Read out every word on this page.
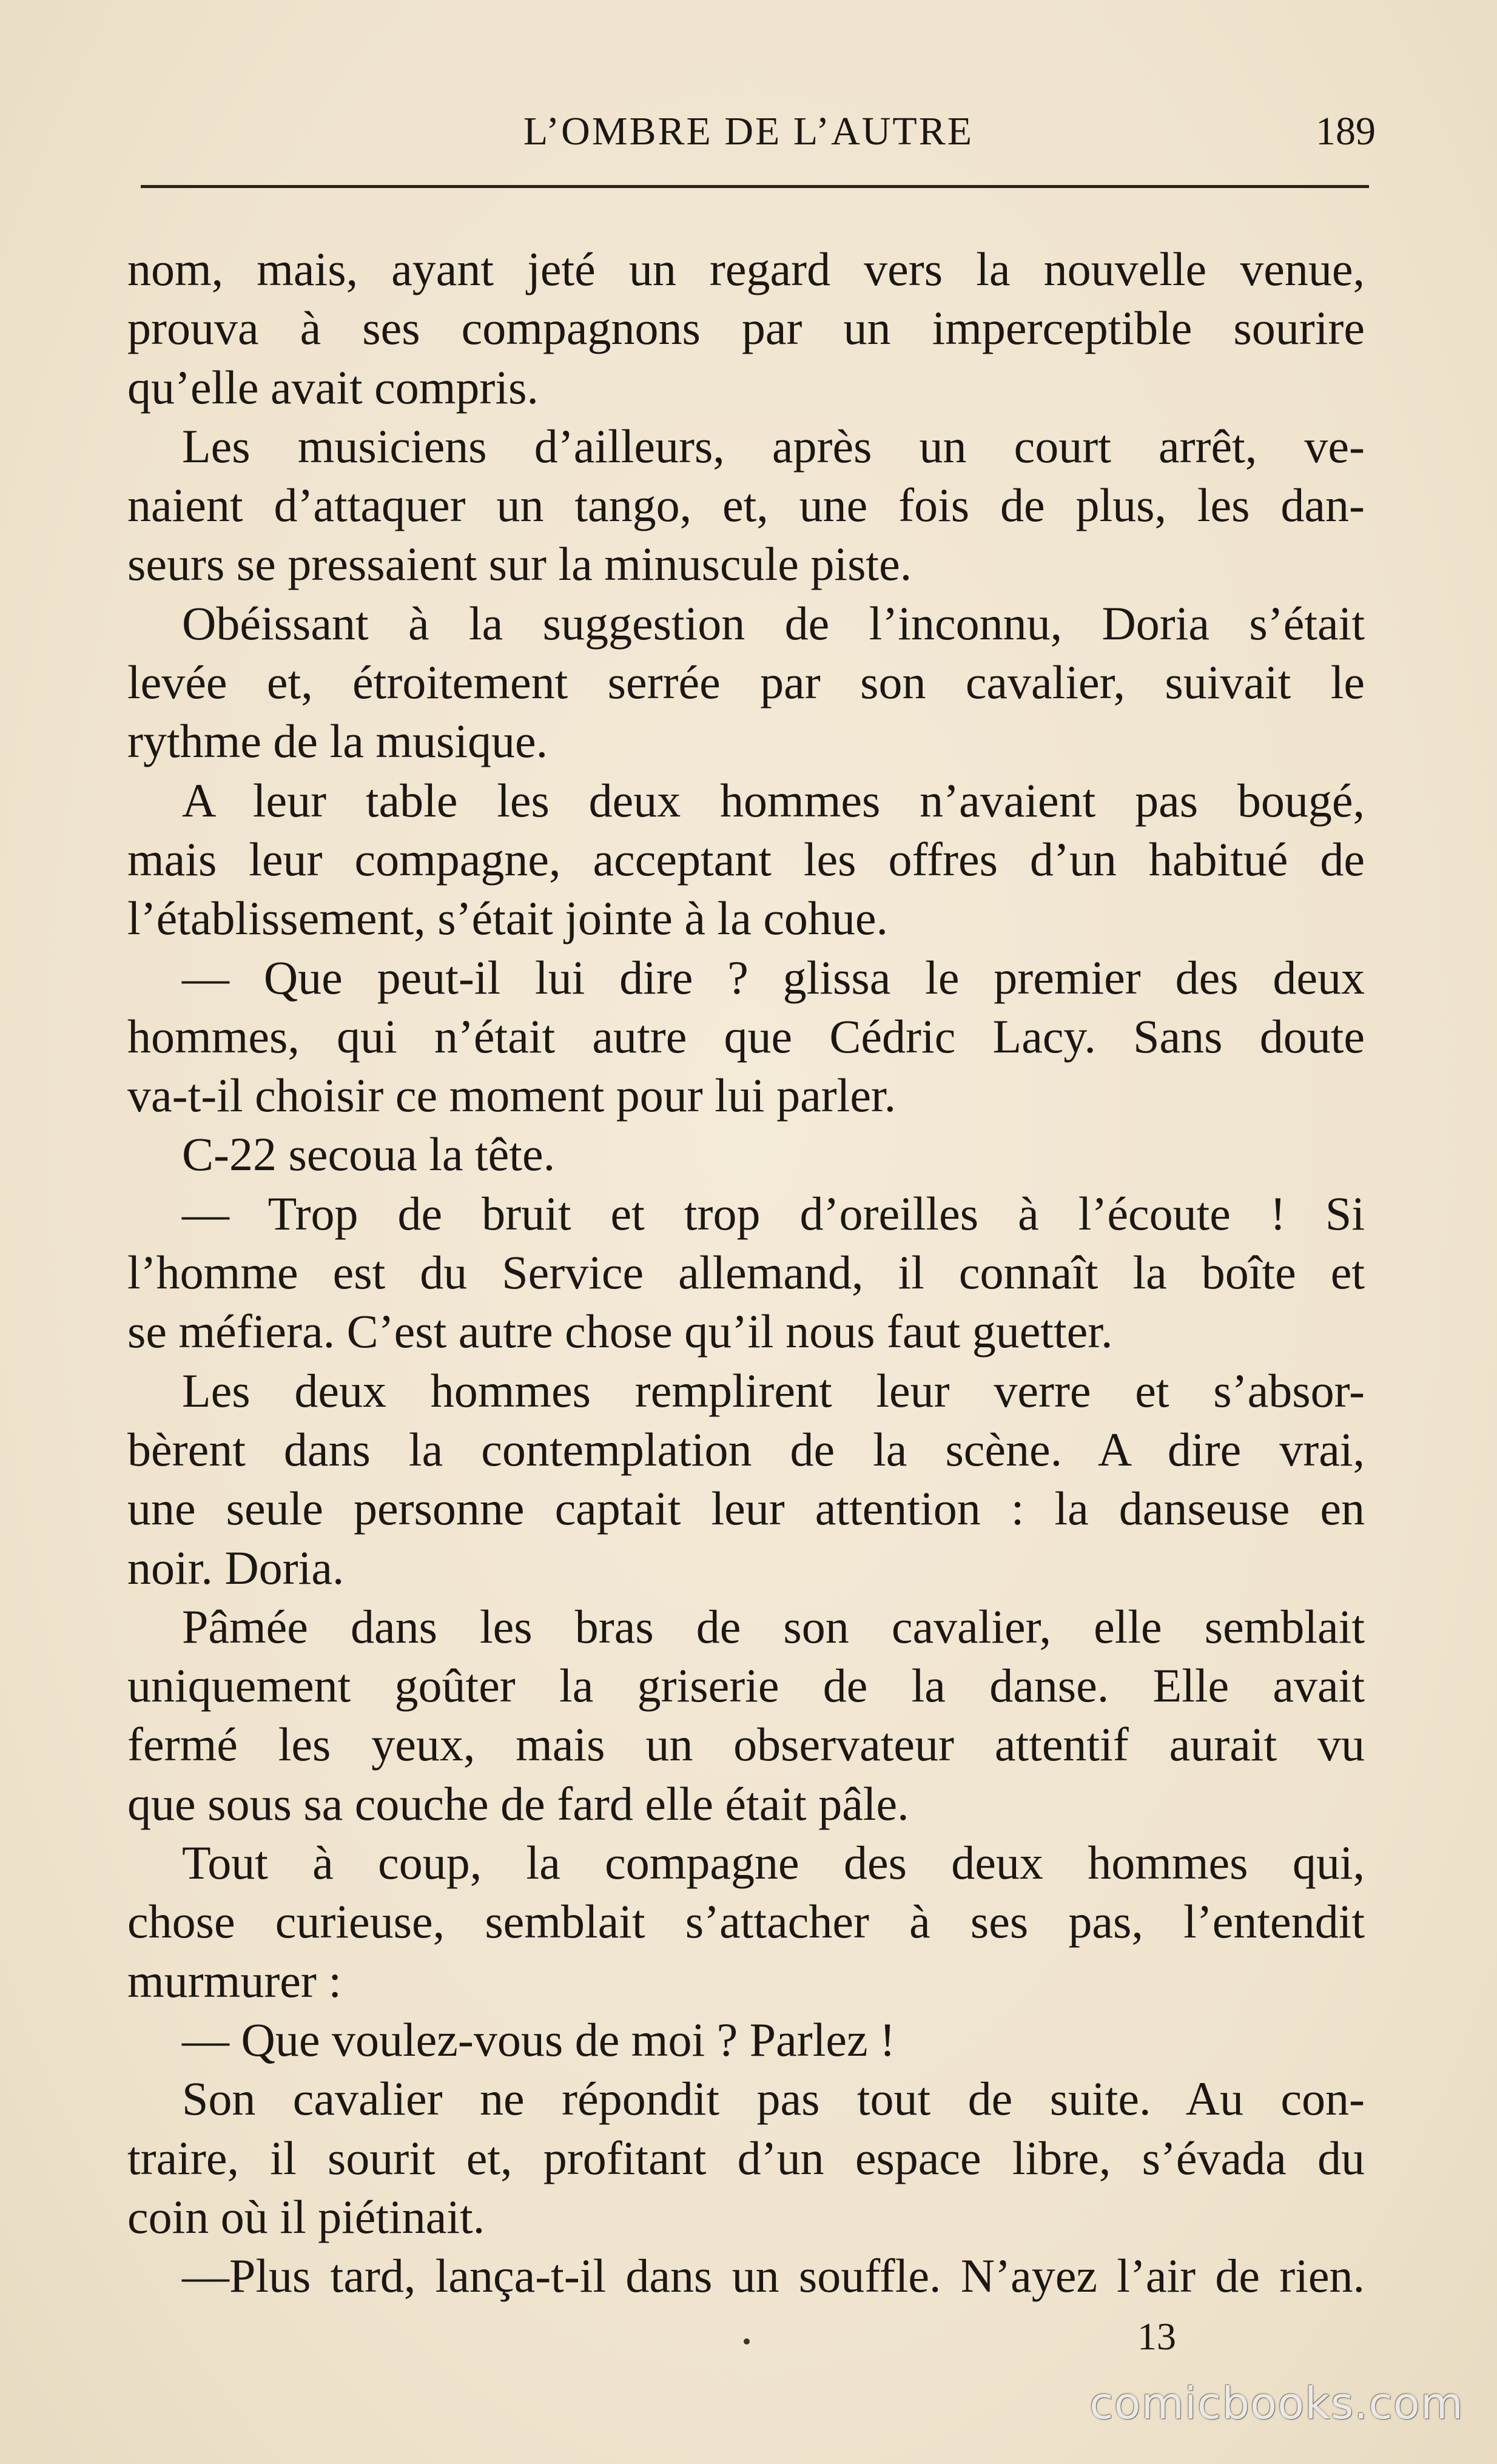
L’OMBRE DE L’AUTRE	189
nom, mais, ayant jeté un regard vers la nouvelle venue,
prouva à ses compagnons par un imperceptible sourire
qu’elle avait compris.
Les musiciens d’ailleurs, après un court arrêt, ve-
naient d’attaquer un tango, et, une fois de plus, les dan-
seurs se pressaient sur la minuscule piste.
Obéissant à la suggestion de l’inconnu, Doria s’était
levée et, étroitement serrée par son cavalier, suivait le
rythme de la musique.
A leur table les deux hommes n’avaient pas bougé,
mais leur compagne, acceptant les offres d’un habitué de
l’établissement, s’était jointe à la cohue.
— Que peut-il lui dire ? glissa le premier des deux
hommes, qui n’était autre que Cédric Lacy. Sans doute
va-t-il choisir ce moment pour lui parler.
C-22 secoua la tête.
— Trop de bruit et trop d’oreilles à l’écoute ! Si
l’homme est du Service allemand, il connaît la boîte et
se méfiera. C’est autre chose qu’il nous faut guetter.
Les deux hommes remplirent leur verre et s’absor-
bèrent dans la contemplation de la scène. A dire vrai,
une seule personne captait leur attention : la danseuse en
noir. Doria.
Pâmée dans les bras de son cavalier, elle semblait
uniquement goûter la griserie de la danse. Elle avait
fermé les yeux, mais un observateur attentif aurait vu
que sous sa couche de fard elle était pâle.
Tout à coup, la compagne des deux hommes qui,
chose curieuse, semblait s’attacher à ses pas, l’entendit
murmurer :
— Que voulez-vous de moi ? Parlez !
Son cavalier ne répondit pas tout de suite. Au con-
traire, il sourit et, profitant d’un espace libre, s’évada du
coin où il piétinait.
—Plus tard, lança-t-il dans un souffle. N’ayez l’air de rien.
13
comicbooks.com
